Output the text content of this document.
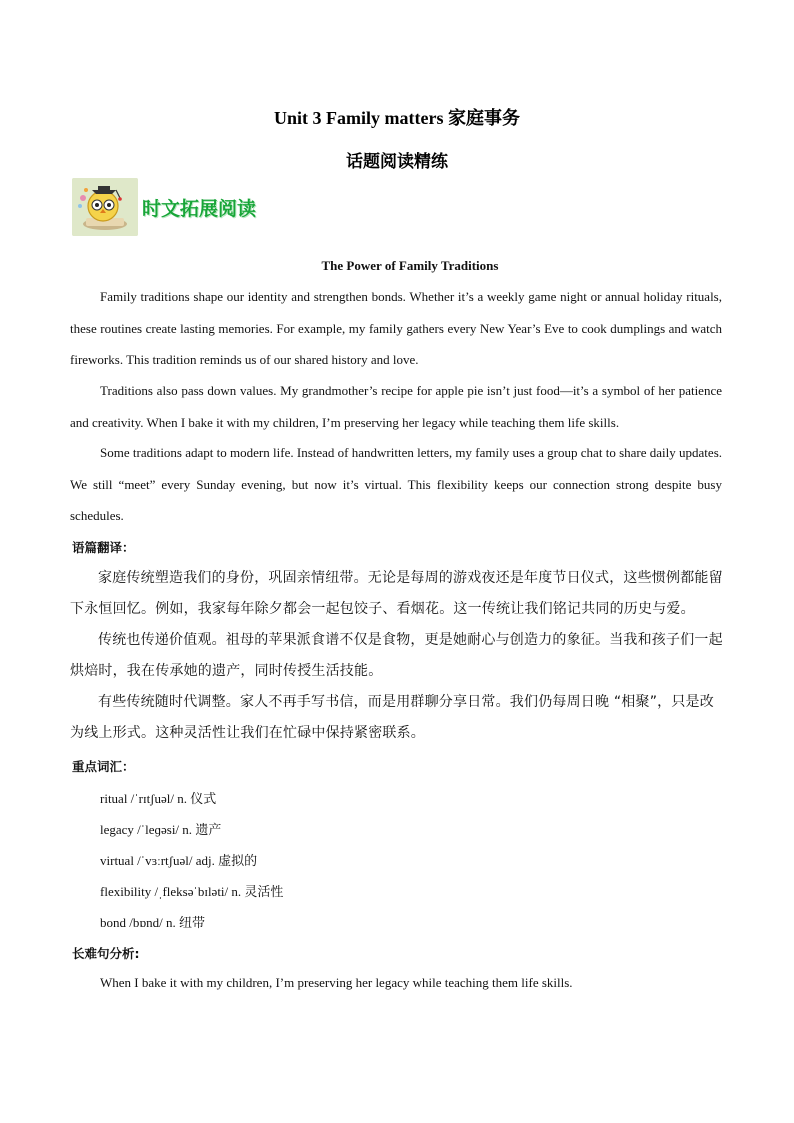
Unit 3 Family matters 家庭事务
话题阅读精练
时文拓展阅读
The Power of Family Traditions

Family traditions shape our identity and strengthen bonds. Whether it’s a weekly game night or annual holiday rituals, these routines create lasting memories. For example, my family gathers every New Year’s Eve to cook dumplings and watch fireworks. This tradition reminds us of our shared history and love.

Traditions also pass down values. My grandmother’s recipe for apple pie isn’t just food—it’s a symbol of her patience and creativity. When I bake it with my children, I’m preserving her legacy while teaching them life skills.

Some traditions adapt to modern life. Instead of handwritten letters, my family uses a group chat to share daily updates. We still “meet” every Sunday evening, but now it’s virtual. This flexibility keeps our connection strong despite busy schedules.

语篇翻译：

家庭传统塑造我们的身份，巩固亲情纽带。无论是每周的游戏夜还是年度节日仪式，这些惯例都能留下永恒回忆。例如，我家每年除夕都会一起包饺子、看烟花。这一传统让我们铭记共同的历史与爱。

传统也传递价值观。祖母的苹果派食谱不仅是食物，更是她耐心与创造力的象征。当我和孩子们一起烘焙时，我在传承她的遗产，同时传授生活技能。

有些传统随时代调整。家人不再手写书信，而是用群聊分享日常。我们仍每周日晚 “相聚”，只是改为线上形式。这种灵活性让我们在忙碌中保持紧密联系。

重点词汇：
ritual /ˈrɪtʃuəl/ n. 仪式
legacy /ˈleɡəsi/ n. 遗产
virtual /ˈvɜːrtʃuəl/ adj. 虚拟的
flexibility /ˌfleksəˈbɪləti/ n. 灵活性
bond /bɒnd/ n. 纽带
长难句分析:
When I bake it with my children, I’m preserving her legacy while teaching them life skills.
